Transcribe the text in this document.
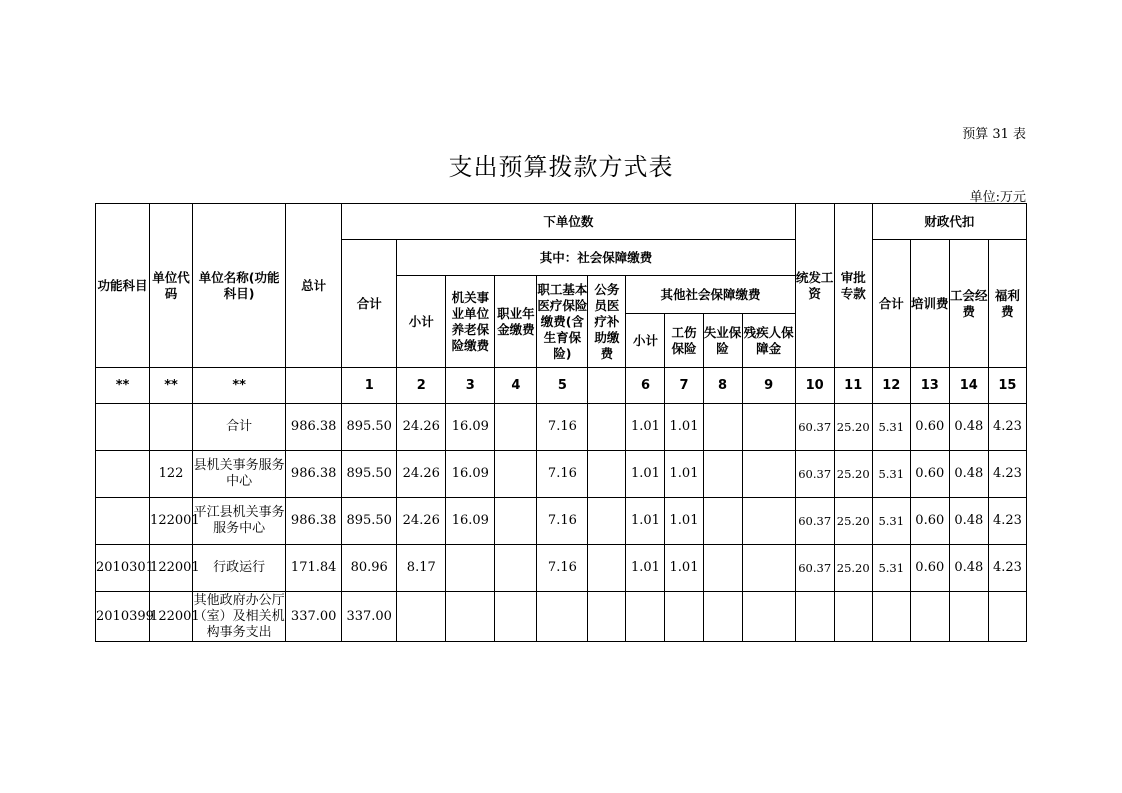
预算 31 表
支出预算拨款方式表
单位:万元
功能科目	单位代码	单位名称(功能科目)	总计	下单位数										统发工资	审批专款	财政代扣			
				合计	其中：社会保障缴费											合计	培训费	工会经费	福利费
					小计	机关事业单位养老保险缴费	职业年金缴费	职工基本医疗保险缴费(含生育保险)	公务员医疗补助缴费	其他社会保障缴费									
										小计	工伤保险	失业保险	残疾人保障金						
**	**	**		1	2	3	4	5		6	7	8	9	10	11	12	13	14	15
		合计	986.38	895.50	24.26	16.09		7.16		1.01	1.01			60.37	25.20	5.31	0.60	0.48	4.23
	122	县机关事务服务中心	986.38	895.50	24.26	16.09		7.16		1.01	1.01			60.37	25.20	5.31	0.60	0.48	4.23
	122001	平江县机关事务服务中心	986.38	895.50	24.26	16.09		7.16		1.01	1.01			60.37	25.20	5.31	0.60	0.48	4.23
2010301	122001	行政运行	171.84	80.96	8.17			7.16		1.01	1.01			60.37	25.20	5.31	0.60	0.48	4.23
2010399	122001	其他政府办公厅（室）及相关机构事务支出	337.00	337.00															
